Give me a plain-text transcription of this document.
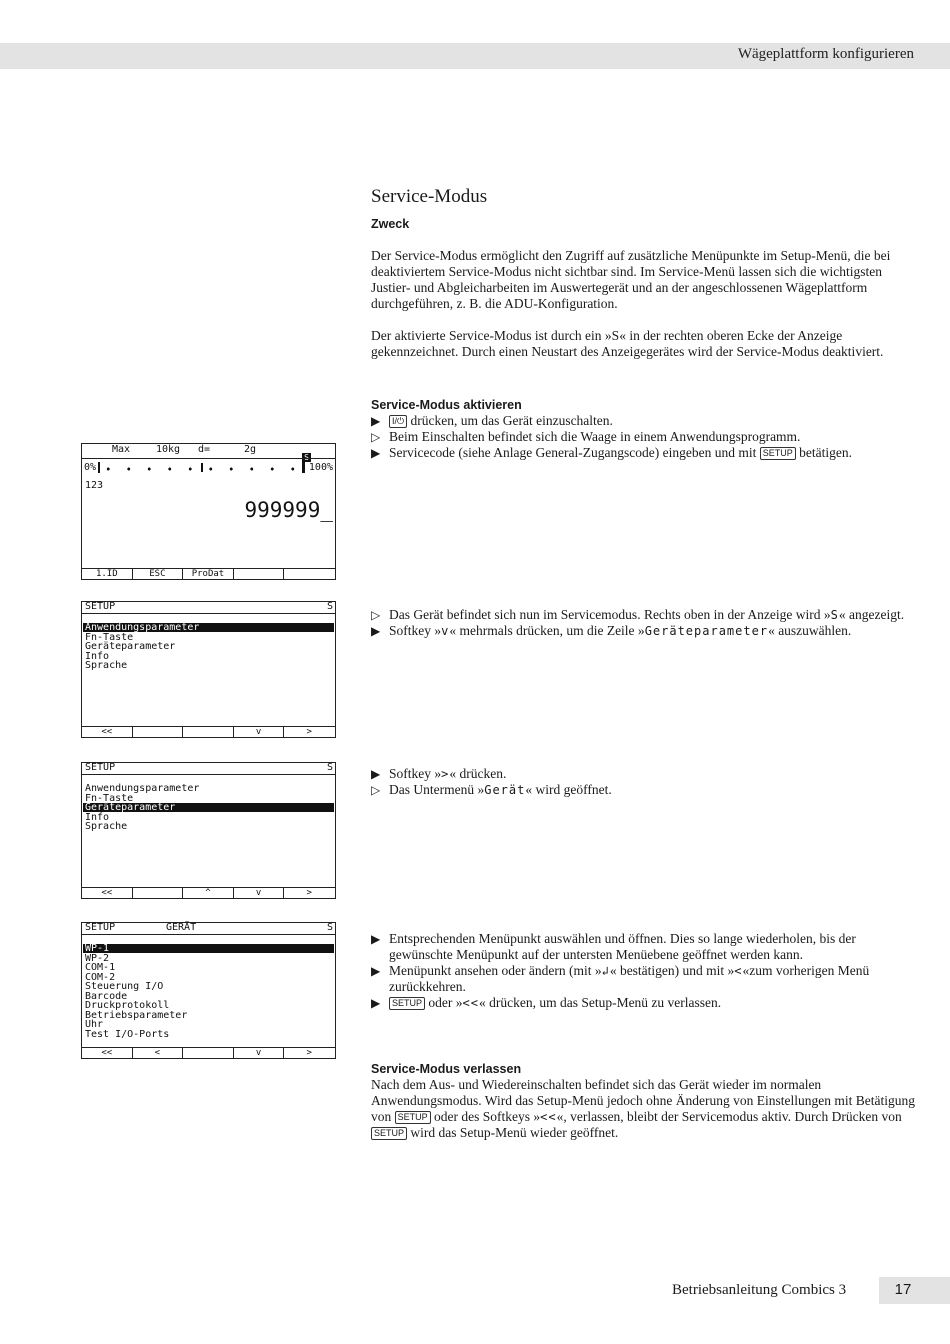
Wägeplattform konfigurieren
Service-Modus
Zweck

Der Service-Modus ermöglicht den Zugriff auf zusätzliche Menüpunkte im Setup-Menü, die bei deaktiviertem Service-Modus nicht sichtbar sind. Im Service-Menü lassen sich die wichtigsten Justier- und Abgleicharbeiten im Auswertegerät und an der angeschlossenen Wägeplattform durchgeführen, z. B. die ADU-Konfiguration.

Der aktivierte Service-Modus ist durch ein »S« in der rechten oberen Ecke der Anzeige gekennzeichnet. Durch einen Neustart des Anzeigegerätes wird der Service-Modus deaktiviert.

Service-Modus aktivieren

▶	I/⏻ drücken, um das Gerät einzuschalten.

▷ Beim Einschalten befindet sich die Waage in einem Anwendungsprogramm.

▶ Servicecode (siehe Anlage General-Zugangscode) eingeben und mit SETUP betätigen.

▷ Das Gerät befindet sich nun im Servicemodus. Rechts oben in der Anzeige wird »S« angezeigt.

▶ Softkey »v« mehrmals drücken, um die Zeile »Geräteparameter« auszuwählen.

▶ Softkey »>« drücken.

▷ Das Untermenü »Gerät« wird geöffnet.

▶ Entsprechenden Menüpunkt auswählen und öffnen. Dies so lange wiederholen, bis der gewünschte Menüpunkt auf der untersten Menüebene geöffnet werden kann.

▶ Menüpunkt ansehen oder ändern (mit »↲« bestätigen) und mit »<«zum vorherigen Menü zurückkehren.

▶	SETUP oder »<<« drücken, um das Setup-Menü zu verlassen.

Service-Modus verlassen

Nach dem Aus- und Wiedereinschalten befindet sich das Gerät wieder im normalen Anwendungsmodus. Wird das Setup-Menü jedoch ohne Änderung von Einstellungen mit Betätigung von SETUP oder des Softkeys »<<«, verlassen, bleibt der Servicemodus aktiv. Durch Drücken von SETUP wird das Setup-Menü wieder geöffnet.

Max	10kg d=	2g
0%	100%
123
999999_
1.ID	ESC	ProDat
SETUP	S
Anwendungsparameter
Fn-Taste
Geräteparameter
Info
Sprache
<<	v	>
SETUP	S
Anwendungsparameter
Fn-Taste
Geräteparameter
Info
Sprache
<<	^	v	>
SETUP	GERÄT	S
WP-1
WP-2
COM-1
COM-2
Steuerung I/O
Barcode
Druckprotokoll
Betriebsparameter
Uhr
Test I/O-Ports
<<	<	v	>
Betriebsanleitung Combics 3	17
